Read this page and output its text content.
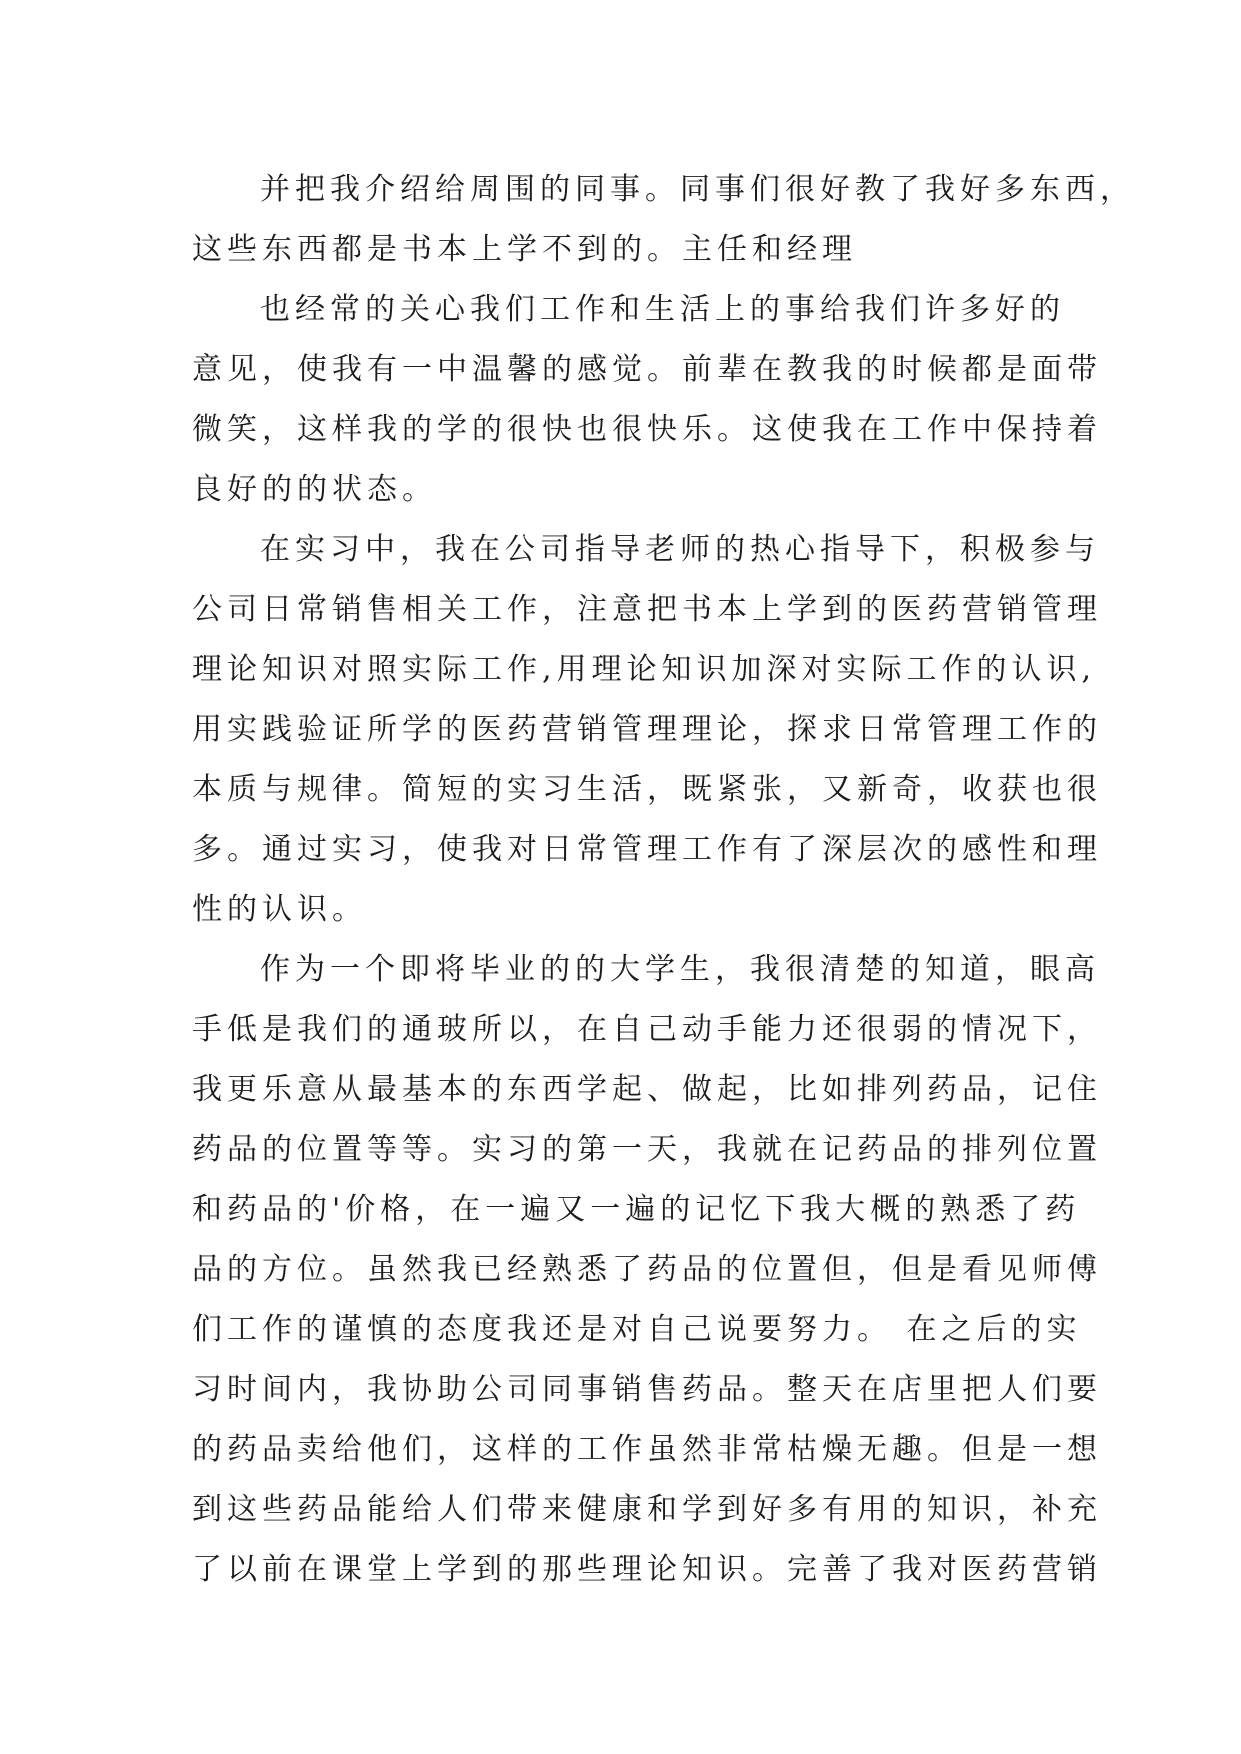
并把我介绍给周围的同事。同事们很好教了我好多东西，
这些东西都是书本上学不到的。主任和经理

也经常的关心我们工作和生活上的事给我们许多好的
意见，使我有一中温馨的感觉。前辈在教我的时候都是面带
微笑，这样我的学的很快也很快乐。这使我在工作中保持着
良好的的状态。

在实习中，我在公司指导老师的热心指导下，积极参与
公司日常销售相关工作，注意把书本上学到的医药营销管理
理论知识对照实际工作,用理论知识加深对实际工作的认识,
用实践验证所学的医药营销管理理论，探求日常管理工作的
本质与规律。简短的实习生活，既紧张，又新奇，收获也很
多。通过实习，使我对日常管理工作有了深层次的感性和理
性的认识。

作为一个即将毕业的的大学生，我很清楚的知道，眼高
手低是我们的通玻所以，在自己动手能力还很弱的情况下，
我更乐意从最基本的东西学起、做起，比如排列药品，记住
药品的位置等等。实习的第一天，我就在记药品的排列位置
和药品的'价格，在一遍又一遍的记忆下我大概的熟悉了药
品的方位。虽然我已经熟悉了药品的位置但，但是看见师傅
们工作的谨慎的态度我还是对自己说要努力。 在之后的实
习时间内，我协助公司同事销售药品。整天在店里把人们要
的药品卖给他们，这样的工作虽然非常枯燥无趣。但是一想
到这些药品能给人们带来健康和学到好多有用的知识，补充
了以前在课堂上学到的那些理论知识。完善了我对医药营销
